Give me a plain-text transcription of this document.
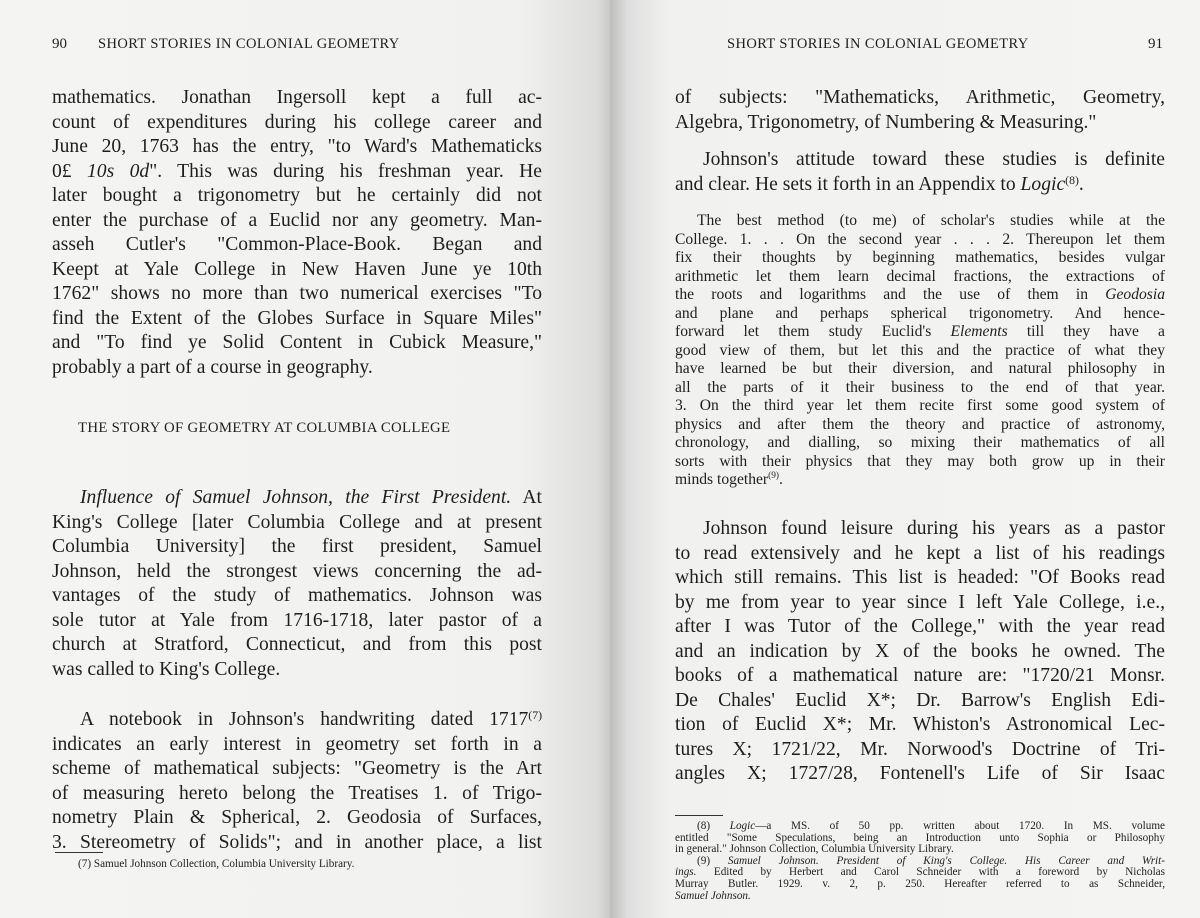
90 SHORT STORIES IN COLONIAL GEOMETRY
mathematics. Jonathan Ingersoll kept a full ac-
count of expenditures during his college career and
June 20, 1763 has the entry, "to Ward's Mathematicks
0£ 10s 0d". This was during his freshman year. He
later bought a trigonometry but he certainly did not
enter the purchase of a Euclid nor any geometry. Man-
asseh Cutler's "Common-Place-Book. Began and
Keept at Yale College in New Haven June ye 10th
1762" shows no more than two numerical exercises "To
find the Extent of the Globes Surface in Square Miles"
and "To find ye Solid Content in Cubick Measure,"
probably a part of a course in geography.
THE STORY OF GEOMETRY AT COLUMBIA COLLEGE
Influence of Samuel Johnson, the First President. At
King's College [later Columbia College and at present
Columbia University] the first president, Samuel
Johnson, held the strongest views concerning the ad-
vantages of the study of mathematics. Johnson was
sole tutor at Yale from 1716-1718, later pastor of a
church at Stratford, Connecticut, and from this post
was called to King's College.
A notebook in Johnson's handwriting dated 1717$^{(7)}$
indicates an early interest in geometry set forth in a
scheme of mathematical subjects: "Geometry is the Art
of measuring hereto belong the Treatises 1. of Trigo-
nometry Plain & Spherical, 2. Geodosia of Surfaces,
3. Stereometry of Solids"; and in another place, a list
(7) Samuel Johnson Collection, Columbia University Library.
SHORT STORIES IN COLONIAL GEOMETRY	91
of subjects: "Mathematicks, Arithmetic, Geometry,
Algebra, Trigonometry, of Numbering & Measuring."
Johnson's attitude toward these studies is definite
and clear. He sets it forth in an Appendix to Logic$^{(8)}$.
The best method (to me) of scholar's studies while at the
College. 1. . . On the second year . . . 2. Thereupon let them
fix their thoughts by beginning mathematics, besides vulgar
arithmetic let them learn decimal fractions, the extractions of
the roots and logarithms and the use of them in Geodosia
and plane and perhaps spherical trigonometry. And hence-
forward let them study Euclid's Elements till they have a
good view of them, but let this and the practice of what they
have learned be but their diversion, and natural philosophy in
all the parts of it their business to the end of that year.
3. On the third year let them recite first some good system of
physics and after them the theory and practice of astronomy,
chronology, and dialling, so mixing their mathematics of all
sorts with their physics that they may both grow up in their
minds together$^{(9)}$.
Johnson found leisure during his years as a pastor
to read extensively and he kept a list of his readings
which still remains. This list is headed: "Of Books read
by me from year to year since I left Yale College, i.e.,
after I was Tutor of the College," with the year read
and an indication by X of the books he owned. The
books of a mathematical nature are: "1720/21 Monsr.
De Chales' Euclid X*; Dr. Barrow's English Edi-
tion of Euclid X*; Mr. Whiston's Astronomical Lec-
tures X; 1721/22, Mr. Norwood's Doctrine of Tri-
angles X; 1727/28, Fontenell's Life of Sir Isaac
(8) Logic—a MS. of 50 pp. written about 1720. In MS. volume
entitled "Some Speculations, being an Introduction unto Sophia or Philosophy
in general." Johnson Collection, Columbia University Library.
(9) Samuel Johnson. President of King's College. His Career and Writ-
ings. Edited by Herbert and Carol Schneider with a foreword by Nicholas
Murray Butler. 1929. v. 2, p. 250. Hereafter referred to as Schneider,
Samuel Johnson.
